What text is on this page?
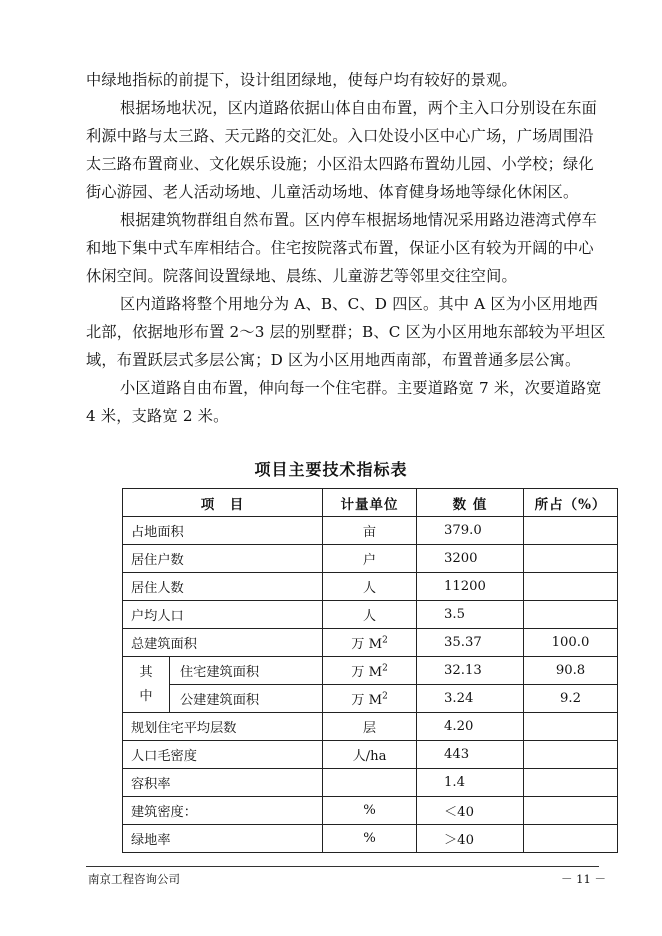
中绿地指标的前提下，设计组团绿地，使每户均有较好的景观。
根据场地状况，区内道路依据山体自由布置，两个主入口分别设在东面
利源中路与太三路、天元路的交汇处。入口处设小区中心广场，广场周围沿
太三路布置商业、文化娱乐设施；小区沿太四路布置幼儿园、小学校；绿化
街心游园、老人活动场地、儿童活动场地、体育健身场地等绿化休闲区。
根据建筑物群组自然布置。区内停车根据场地情况采用路边港湾式停车
和地下集中式车库相结合。住宅按院落式布置，保证小区有较为开阔的中心
休闲空间。院落间设置绿地、晨练、儿童游艺等邻里交往空间。
区内道路将整个用地分为 A、B、C、D 四区。其中 A 区为小区用地西
北部，依据地形布置 2～3 层的别墅群；B、C 区为小区用地东部较为平坦区
域，布置跃层式多层公寓；D 区为小区用地西南部，布置普通多层公寓。
小区道路自由布置，伸向每一个住宅群。主要道路宽 7 米，次要道路宽
4 米，支路宽 2 米。
项目主要技术指标表
项　目		计量单位	数 值	所占（%）
占地面积		亩	379.0	
居住户数		户	3200	
居住人数		人	11200	
户均人口		人	3.5	
总建筑面积		万 $M^2$	35.37	100.0
其
中	住宅建筑面积	万 $M^2$	32.13	90.8
	公建建筑面积	万 $M^2$	3.24	9.2
规划住宅平均层数		层	4.20	
人口毛密度		人/ha	443	
容积率			1.4	
建筑密度：		%	＜40	
绿地率		%	＞40	
南京工程咨询公司	－ 11 －
